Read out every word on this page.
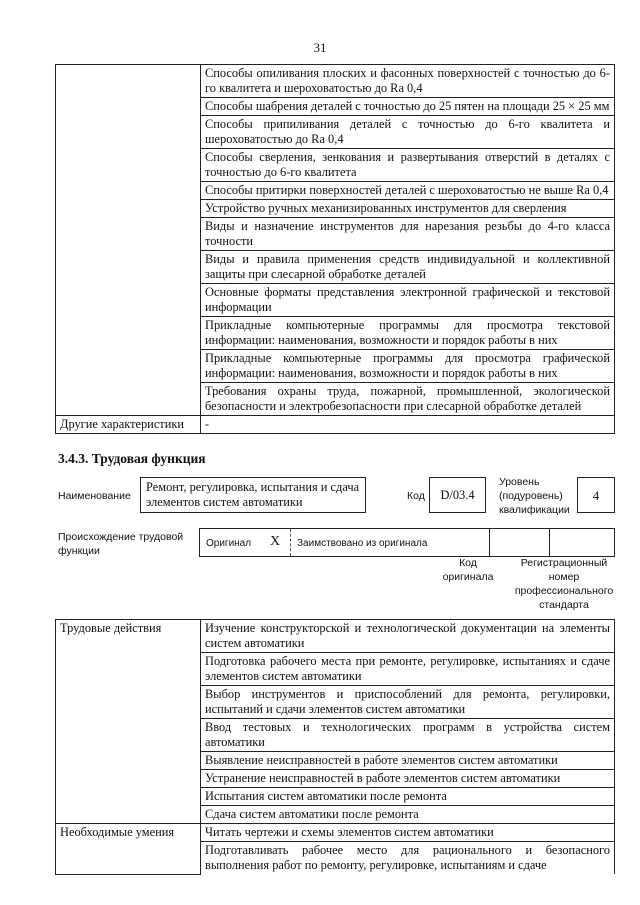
31
	Способы опиливания плоских и фасонных поверхностей с точностью до 6-го квалитета и шероховатостью до Ra 0,4
	Способы шабрения деталей с точностью до 25 пятен на площади 25 × 25 мм
	Способы припиливания деталей с точностью до 6-го квалитета и шероховатостью до Ra 0,4
	Способы сверления, зенкования и развертывания отверстий в деталях с точностью до 6-го квалитета
	Способы притирки поверхностей деталей с шероховатостью не выше Ra 0,4
	Устройство ручных механизированных инструментов для сверления
	Виды и назначение инструментов для нарезания резьбы до 4-го класса точности
	Виды и правила применения средств индивидуальной и коллективной защиты при слесарной обработке деталей
	Основные форматы представления электронной графической и текстовой информации
	Прикладные компьютерные программы для просмотра текстовой информации: наименования, возможности и порядок работы в них
	Прикладные компьютерные программы для просмотра графической информации: наименования, возможности и порядок работы в них
	Требования охраны труда, пожарной, промышленной, экологической безопасности и электробезопасности при слесарной обработке деталей
Другие характеристики	-
3.4.3. Трудовая функция
Наименование
Ремонт, регулировка, испытания и сдача элементов систем автоматики	Код	D/03.4
Уровень (подуровень) квалификации
4
Происхождение трудовой функции
Оригинал X Заимствовано из оригинала
Код оригинала
Регистрационный номер профессионального стандарта
Трудовые действия	Изучение конструкторской и технологической документации на элементы систем автоматики
	Подготовка рабочего места при ремонте, регулировке, испытаниях и сдаче элементов систем автоматики
	Выбор инструментов и приспособлений для ремонта, регулировки, испытаний и сдачи элементов систем автоматики
	Ввод тестовых и технологических программ в устройства систем автоматики
	Выявление неисправностей в работе элементов систем автоматики
	Устранение неисправностей в работе элементов систем автоматики
	Испытания систем автоматики после ремонта
	Сдача систем автоматики после ремонта
Необходимые умения	Читать чертежи и схемы элементов систем автоматики
	Подготавливать рабочее место для рационального и безопасного выполнения работ по ремонту, регулировке, испытаниям и сдаче
